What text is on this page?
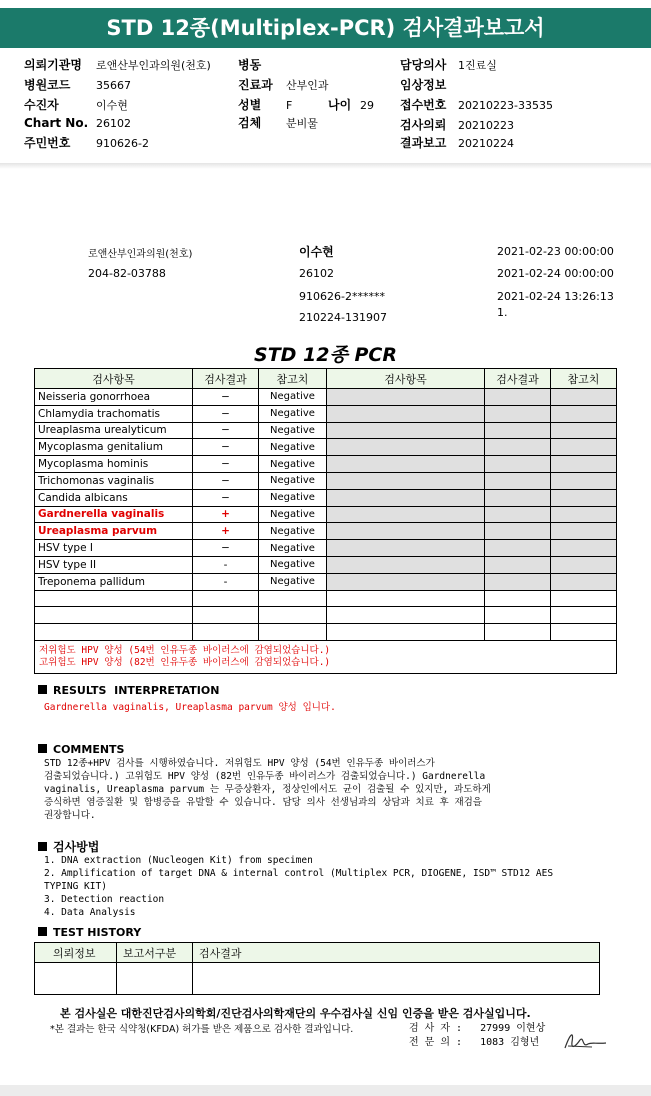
STD 12종(Multiplex-PCR) 검사결과보고서
의뢰기관명 로앤산부인과의원(천호)
병원코드 35667
수진자	이수현
Chart No. 26102
주민번호 910626-2
병동
진료과 산부인과
성별 F	나이 29
검체 분비물
담당의사 1진료실
임상정보
접수번호 20210223-33535
검사의뢰 20210223
결과보고 20210224
로앤산부인과의원(천호)
204-82-03788
이수현
26102
910626-2******
210224-131907
2021-02-23 00:00:00
2021-02-24 00:00:00
2021-02-24 13:26:13
1.
STD 12종 PCR
검사항목	검사결과	참고치	검사항목	검사결과	참고치
Neisseria gonorrhoea	−	Negative			
Chlamydia trachomatis	−	Negative			
Ureaplasma urealyticum	−	Negative			
Mycoplasma genitalium	−	Negative			
Mycoplasma hominis	−	Negative			
Trichomonas vaginalis	−	Negative			
Candida albicans	−	Negative			
Gardnerella vaginalis	+	Negative			
Ureaplasma parvum	+	Negative			
HSV type I	−	Negative			
HSV type II	-	Negative			
Treponema pallidum	-	Negative			

저위험도 HPV 양성 (54번 인유두종 바이러스에 감염되었습니다.)
고위험도 HPV 양성 (82번 인유두종 바이러스에 감염되었습니다.)					
RESULTS  INTERPRETATION
Gardnerella vaginalis, Ureaplasma parvum 양성 입니다.
COMMENTS
STD 12종+HPV 검사를 시행하였습니다. 저위험도 HPV 양성 (54번 인유두종 바이러스가
검출되었습니다.) 고위험도 HPV 양성 (82번 인유두종 바이러스가 검출되었습니다.) Gardnerella
vaginalis, Ureaplasma parvum 는 무증상환자, 정상인에서도 균이 검출될 수 있지만, 과도하게
증식하면 염증질환 및 합병증을 유발할 수 있습니다. 담당 의사 선생님과의 상담과 치료 후 재검을
권장합니다.
검사방법
1. DNA extraction (Nucleogen Kit) from specimen
2. Amplification of target DNA & internal control (Multiplex PCR, DIOGENE, ISD™ STD12 AES
TYPING KIT)
3. Detection reaction
4. Data Analysis
TEST HISTORY
의뢰정보	보고서구분	검사결과

본 검사실은 대한진단검사의학회/진단검사의학재단의 우수검사실 신임 인증을 받은 검사실입니다.
*본 결과는 한국 식약청(KFDA) 허가를 받은 제품으로 검사한 결과입니다.	검 사 자 : 27999 이현상
전 문 의 : 1083 김형년
